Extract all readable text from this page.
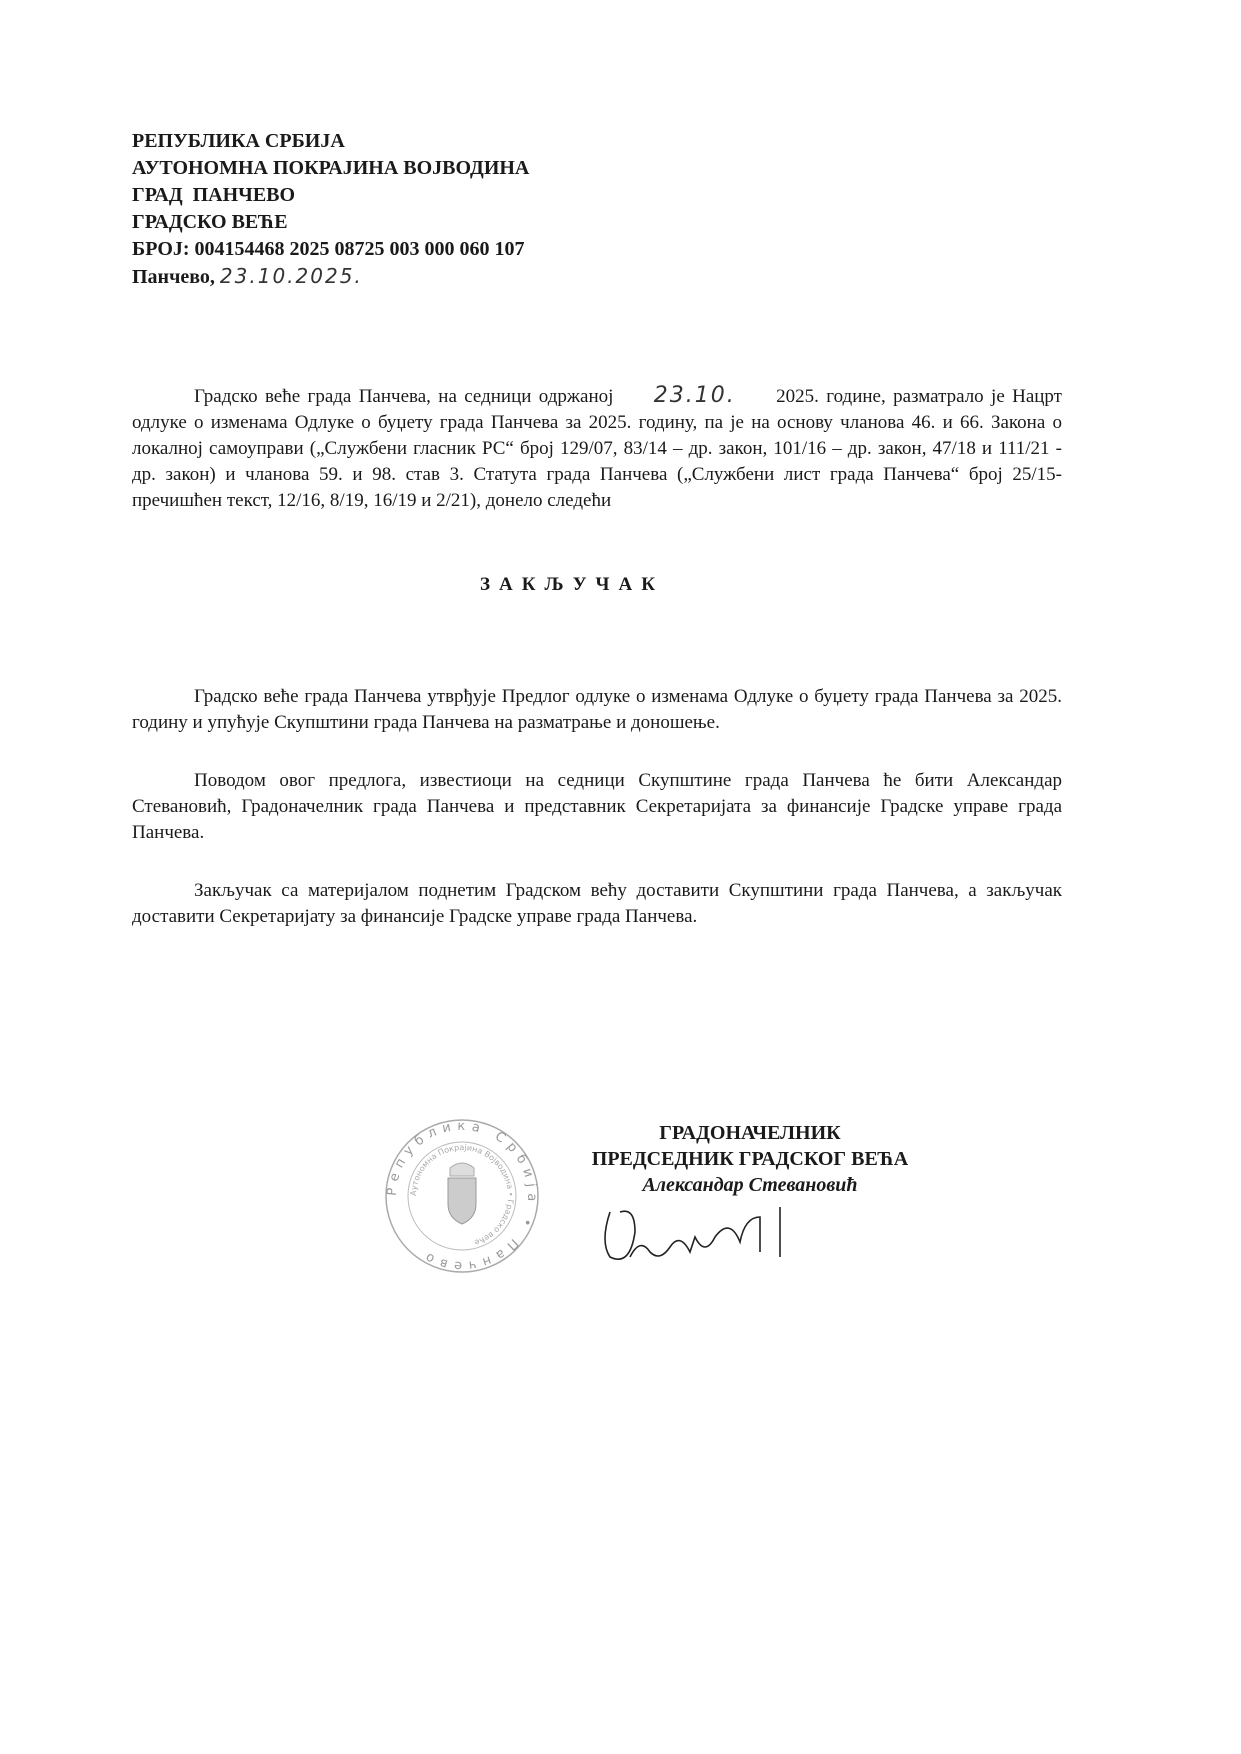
РЕПУБЛИКА СРБИЈА
АУТОНОМНА ПОКРАЈИНА ВОЈВОДИНА
ГРАД  ПАНЧЕВО
ГРАДСКО ВЕЋЕ
БРОЈ: 004154468 2025 08725 003 000 060 107
Панчево, 23.10.2025.

Градско веће града Панчева, на седници одржаној 23.10. 2025. године, разматрало је Нацрт одлуке о изменама Одлуке о буџету града Панчева за 2025. годину, па је на основу чланова 46. и 66. Закона о локалној самоуправи („Службени гласник РС“ број 129/07, 83/14 – др. закон, 101/16 – др. закон, 47/18 и 111/21 - др. закон) и чланова 59. и 98. став 3. Статута града Панчева („Службени лист града Панчева“ број 25/15- пречишћен текст, 12/16, 8/19, 16/19 и 2/21), донело следећи

ЗАКЉУЧАК

Градско веће града Панчева утврђује Предлог одлуке о изменама Одлуке о буџету града Панчева за 2025. годину и упућује Скупштини града Панчева на разматрање и доношење.

Поводом овог предлога, известиоци на седници Скупштине града Панчева ће бити Александар Стевановић, Градоначелник града Панчева и представник Секретаријата за финансије Градске управе града Панчева.

Закључак са материјалом поднетим Градском већу доставити Скупштини града Панчева, а закључак доставити Секретаријату за финансије Градске управе града Панчева.

Република Србија • Панчево
Аутономна Покрајина Војводина • Градско веће
ГРАДОНАЧЕЛНИК
ПРЕДСЕДНИК ГРАДСКОГ ВЕЋА
Александар Стевановић
